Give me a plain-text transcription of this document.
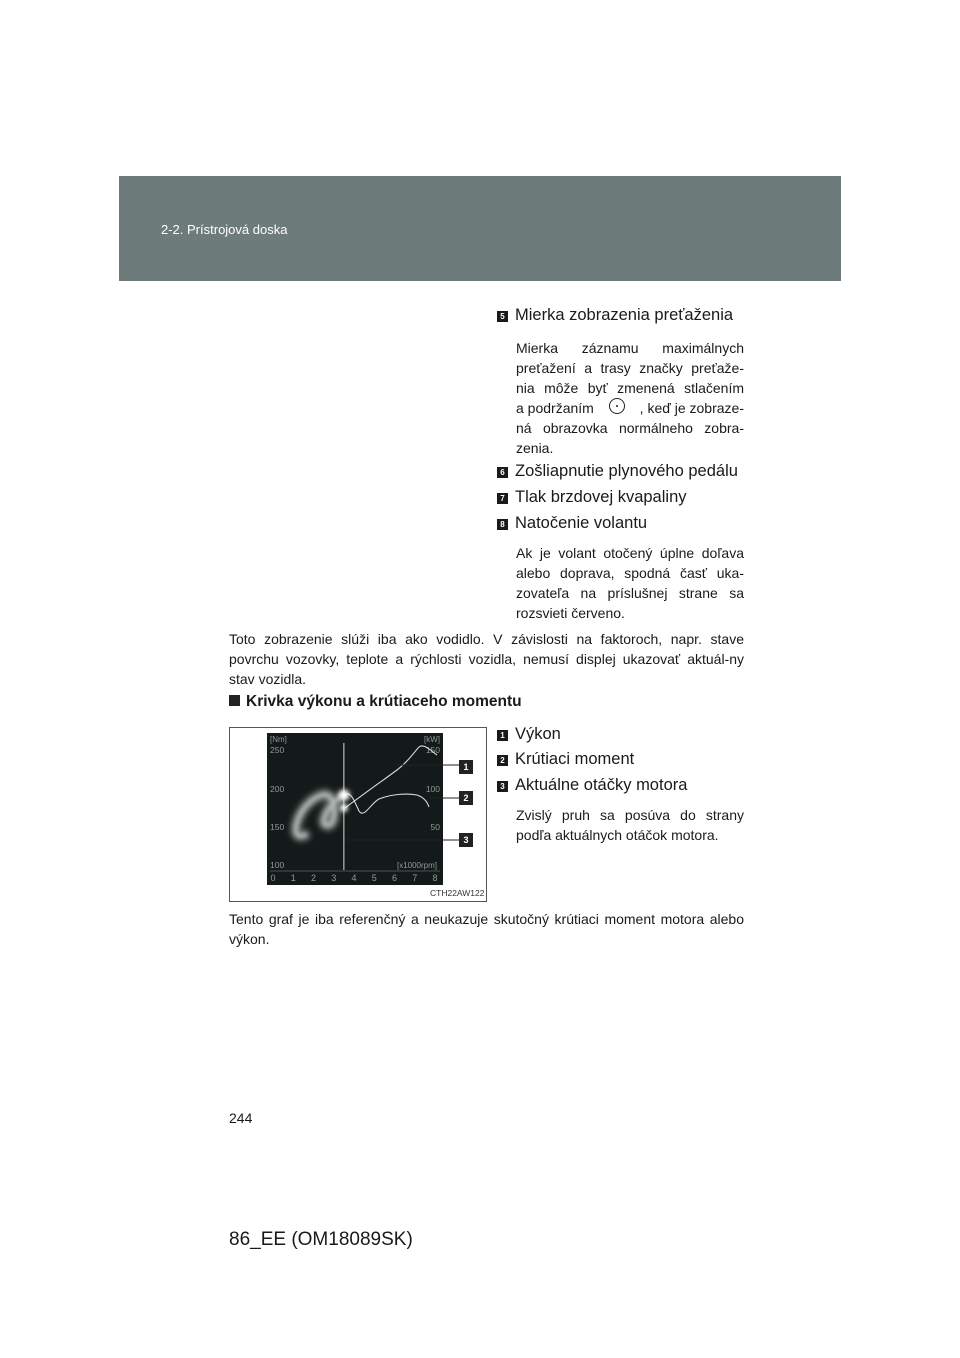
2-2. Prístrojová doska
5 Mierka zobrazenia preťaženia
Mierka záznamu maximálnych
preťažení a trasy značky preťaže-
nia môže byť zmenená stlačením
a podržaním	, keď je zobraze-
ná obrazovka normálneho zobra-
zenia.
6 Zošliapnutie plynového pedálu
7 Tlak brzdovej kvapaliny
8 Natočenie volantu
Ak je volant otočený úplne doľava alebo doprava, spodná časť uka-zovateľa na príslušnej strane sa rozsvieti červeno.
Toto zobrazenie slúži iba ako vodidlo. V závislosti na faktoroch, napr. stave povrchu vozovky, teplote a rýchlosti vozidla, nemusí displej ukazovať aktuál-ny stav vozidla.
Krivka výkonu a krútiaceho momentu
[Nm]	[kW]
250
200
150
100
150
100
50
[x1000rpm]
0 1 2 3 4 5 6 7 8
1
2
3
CTH22AW122
1 Výkon
2 Krútiaci moment
3 Aktuálne otáčky motora
Zvislý pruh sa posúva do strany podľa aktuálnych otáčok motora.
Tento graf je iba referenčný a neukazuje skutočný krútiaci moment motora alebo výkon.
244
86_EE (OM18089SK)
